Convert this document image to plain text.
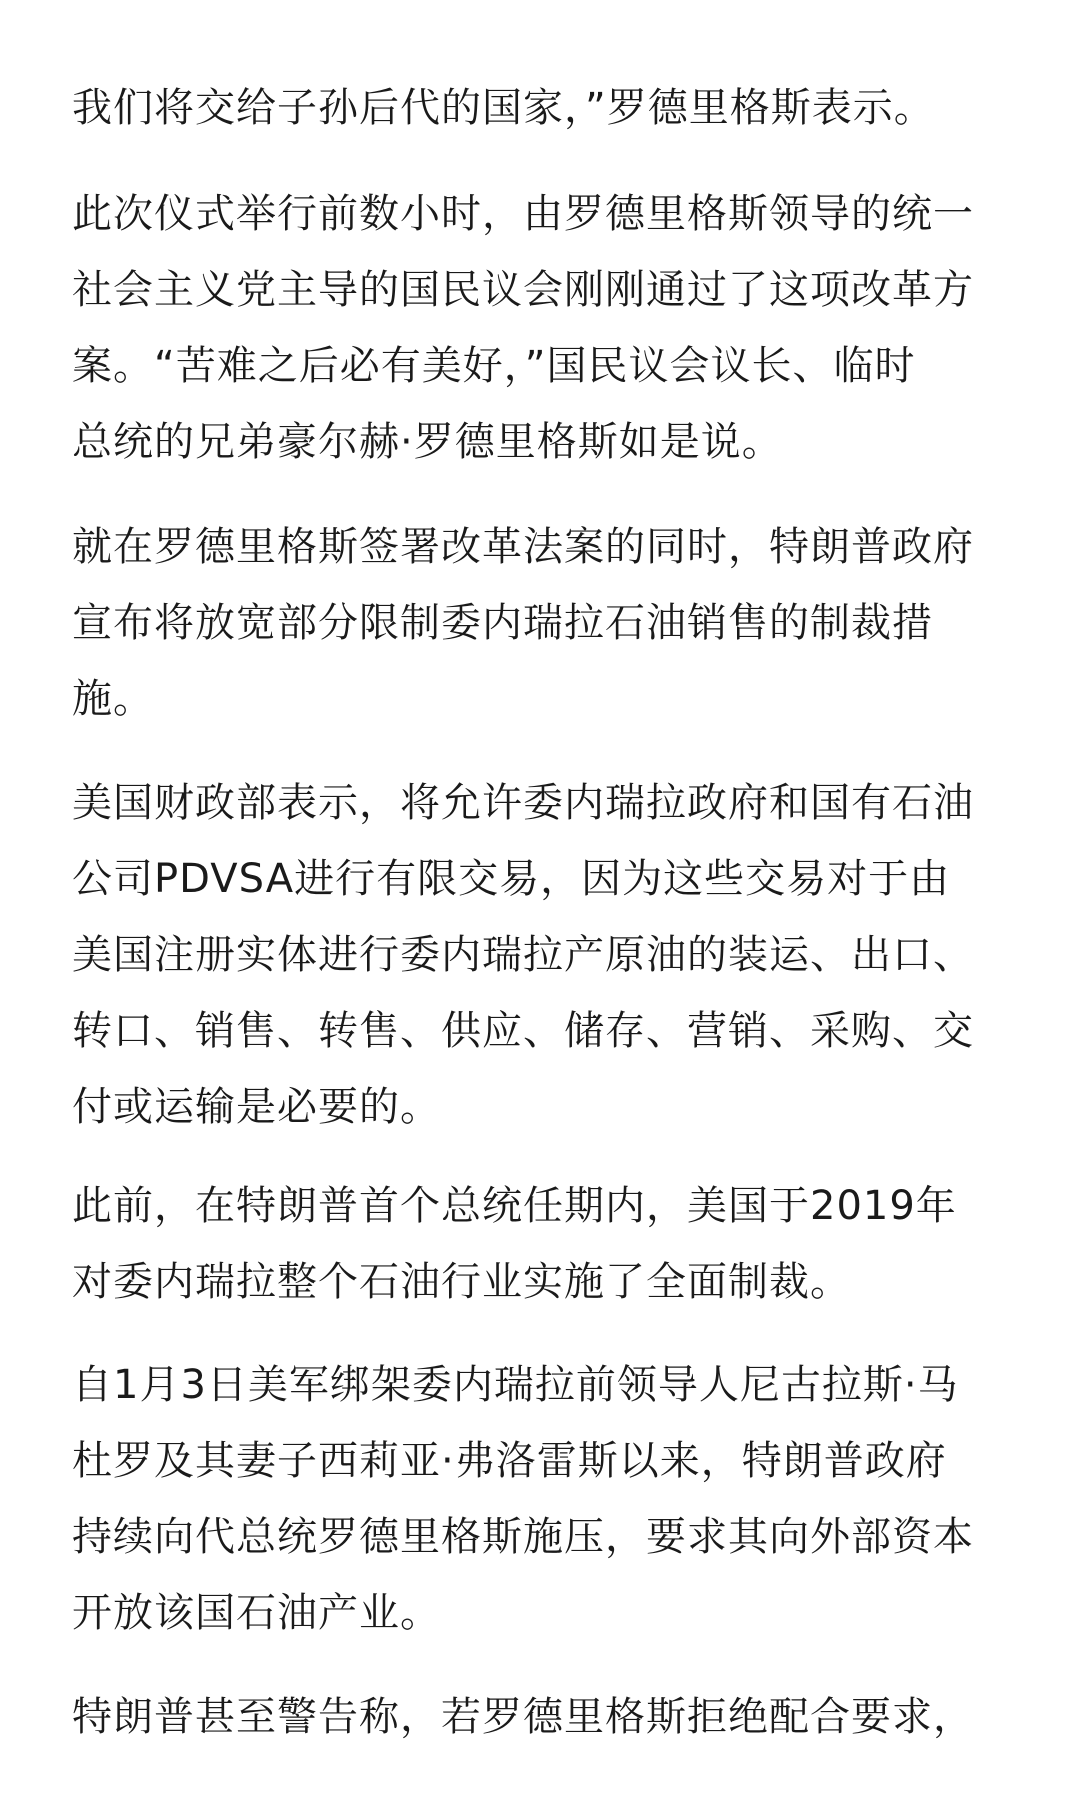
我们将交给子孙后代的国家，”罗德里格斯表示。
此次仪式举行前数小时，由罗德里格斯领导的统一
社会主义党主导的国民议会刚刚通过了这项改革方
案。“苦难之后必有美好，”国民议会议长、临时
总统的兄弟豪尔赫·罗德里格斯如是说。
就在罗德里格斯签署改革法案的同时，特朗普政府
宣布将放宽部分限制委内瑞拉石油销售的制裁措
施。
美国财政部表示，将允许委内瑞拉政府和国有石油
公司PDVSA进行有限交易，因为这些交易对于由
美国注册实体进行委内瑞拉产原油的装运、出口、
转口、销售、转售、供应、储存、营销、采购、交
付或运输是必要的。
此前，在特朗普首个总统任期内，美国于2019年
对委内瑞拉整个石油行业实施了全面制裁。
自1月3日美军绑架委内瑞拉前领导人尼古拉斯·马
杜罗及其妻子西莉亚·弗洛雷斯以来，特朗普政府
持续向代总统罗德里格斯施压，要求其向外部资本
开放该国石油产业。
特朗普甚至警告称，若罗德里格斯拒绝配合要求，
